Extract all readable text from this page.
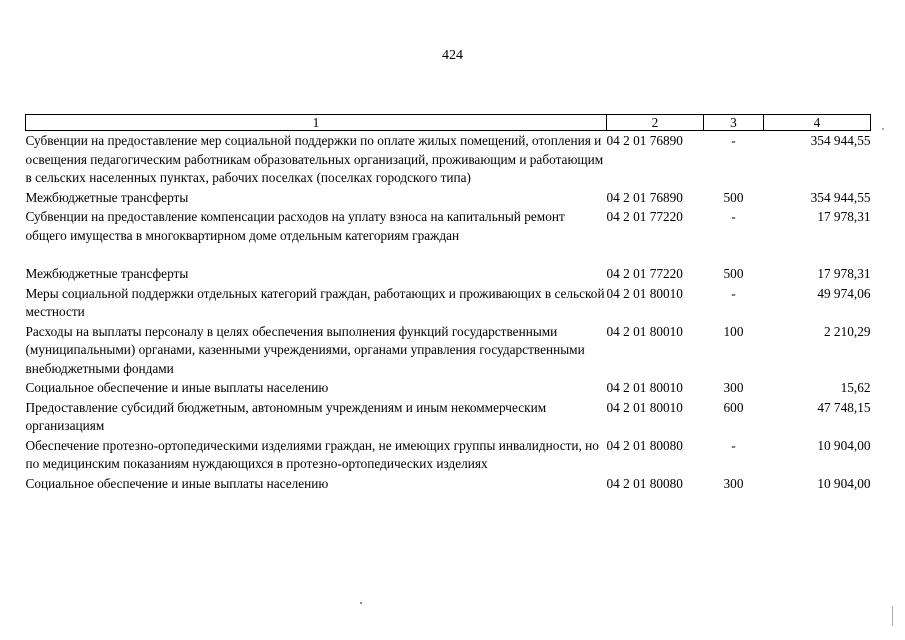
424
1	2	3	4
Субвенции на предоставление мер социальной поддержки по оплате жилых помещений, отопления и освещения педагогическим работникам образовательных организаций, проживающим и работающим в сельских населенных пунктах, рабочих поселках (поселках городского типа)	04 2 01 76890	-	354 944,55
Межбюджетные трансферты	04 2 01 76890	500	354 944,55
Субвенции на предоставление компенсации расходов на уплату взноса на капитальный ремонт общего имущества в многоквартирном доме отдельным категориям граждан	04 2 01 77220	-	17 978,31
Межбюджетные трансферты	04 2 01 77220	500	17 978,31
Меры социальной поддержки отдельных категорий граждан, работающих и проживающих в сельской местности	04 2 01 80010	-	49 974,06
Расходы на выплаты персоналу в целях обеспечения выполнения функций государственными (муниципальными) органами, казенными учреждениями, органами управления государственными внебюджетными фондами	04 2 01 80010	100	2 210,29
Социальное обеспечение и иные выплаты населению	04 2 01 80010	300	15,62
Предоставление субсидий бюджетным, автономным учреждениям и иным некоммерческим организациям	04 2 01 80010	600	47 748,15
Обеспечение протезно-ортопедическими изделиями граждан, не имеющих группы инвалидности, но по медицинским показаниям нуждающихся в протезно-ортопедических изделиях	04 2 01 80080	-	10 904,00
Социальное обеспечение и иные выплаты населению	04 2 01 80080	300	10 904,00
